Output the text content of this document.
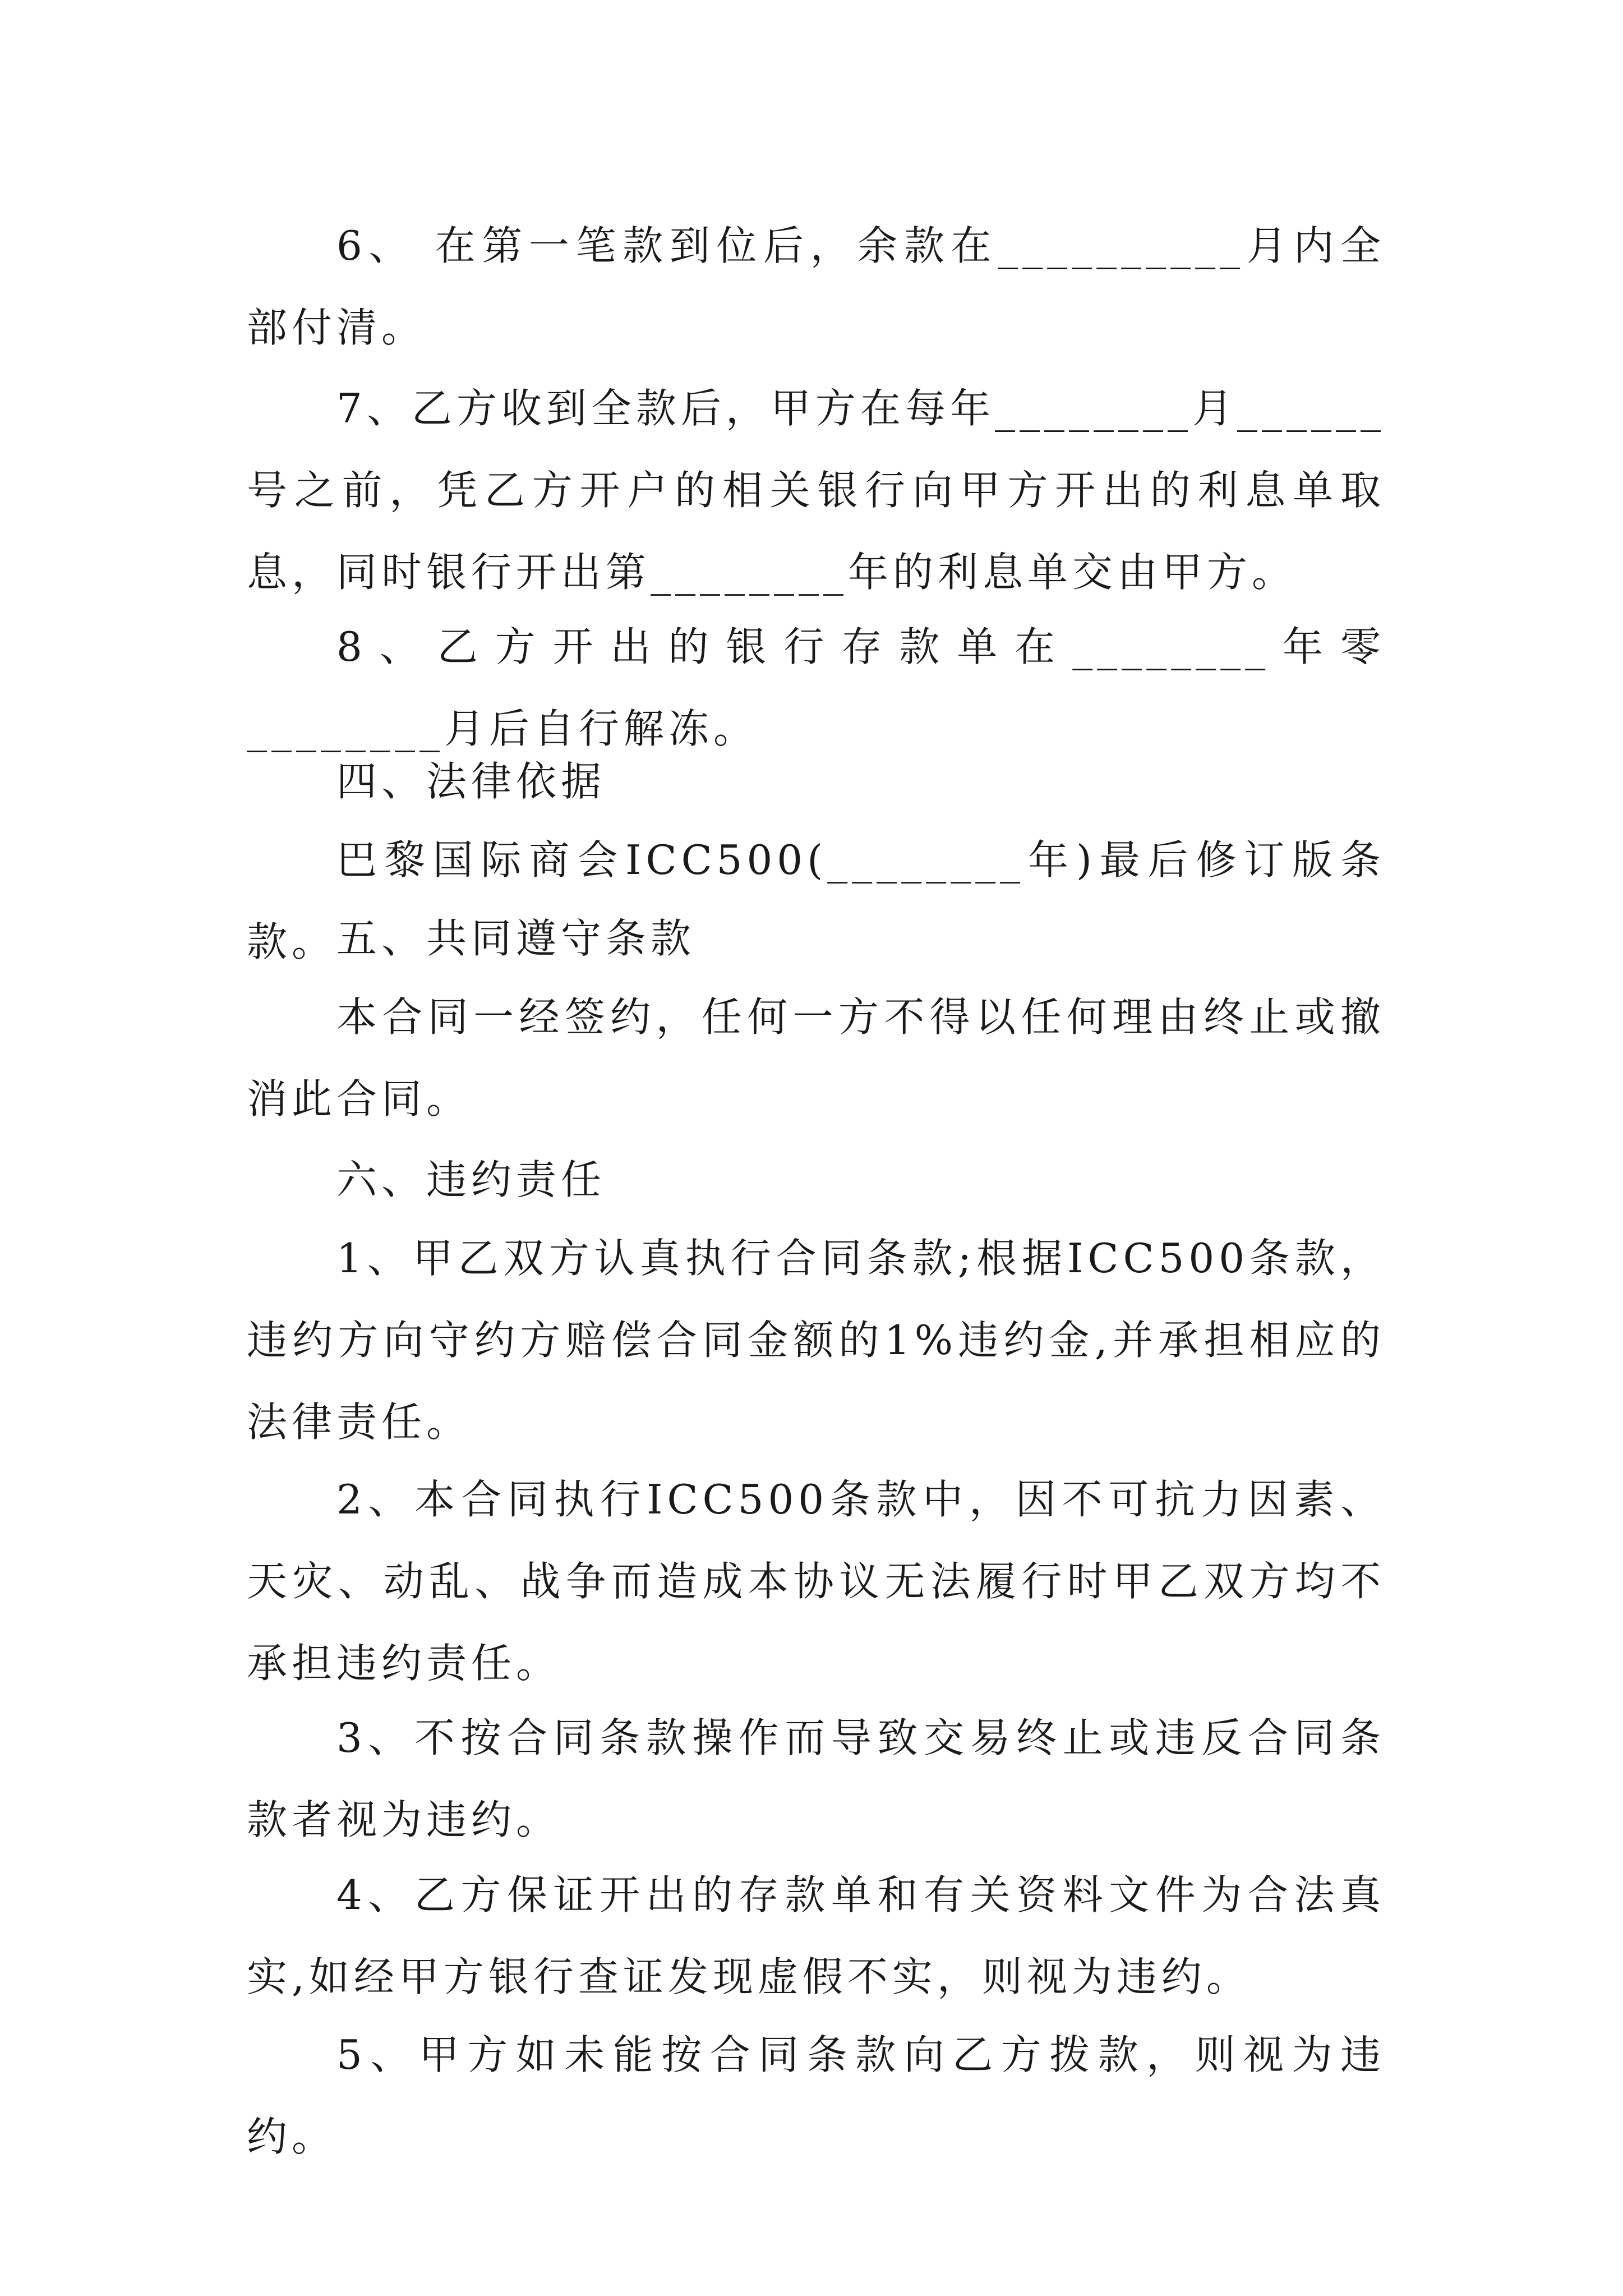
6、 在第一笔款到位后，余款在__________月内全部付清。

7、乙方收到全款后，甲方在每年________月______号之前，凭乙方开户的相关银行向甲方开出的利息单取息，同时银行开出第________年的利息单交由甲方。

8、乙方开出的银行存款单在________年零________月后自行解冻。

四、法律依据

巴黎国际商会ICC500(________年)最后修订版条款。 五、共同遵守条款

本合同一经签约，任何一方不得以任何理由终止或撤消此合同。

六、违约责任

1、甲乙双方认真执行合同条款;根据ICC500条款，违约方向守约方赔偿合同金额的1%违约金,并承担相应的法律责任。

2、本合同执行ICC500条款中，因不可抗力因素、天灾、动乱、战争而造成本协议无法履行时甲乙双方均不承担违约责任。

3、不按合同条款操作而导致交易终止或违反合同条款者视为违约。

4、乙方保证开出的存款单和有关资料文件为合法真实,如经甲方银行查证发现虚假不实，则视为违约。

5、甲方如未能按合同条款向乙方拨款，则视为违约。
